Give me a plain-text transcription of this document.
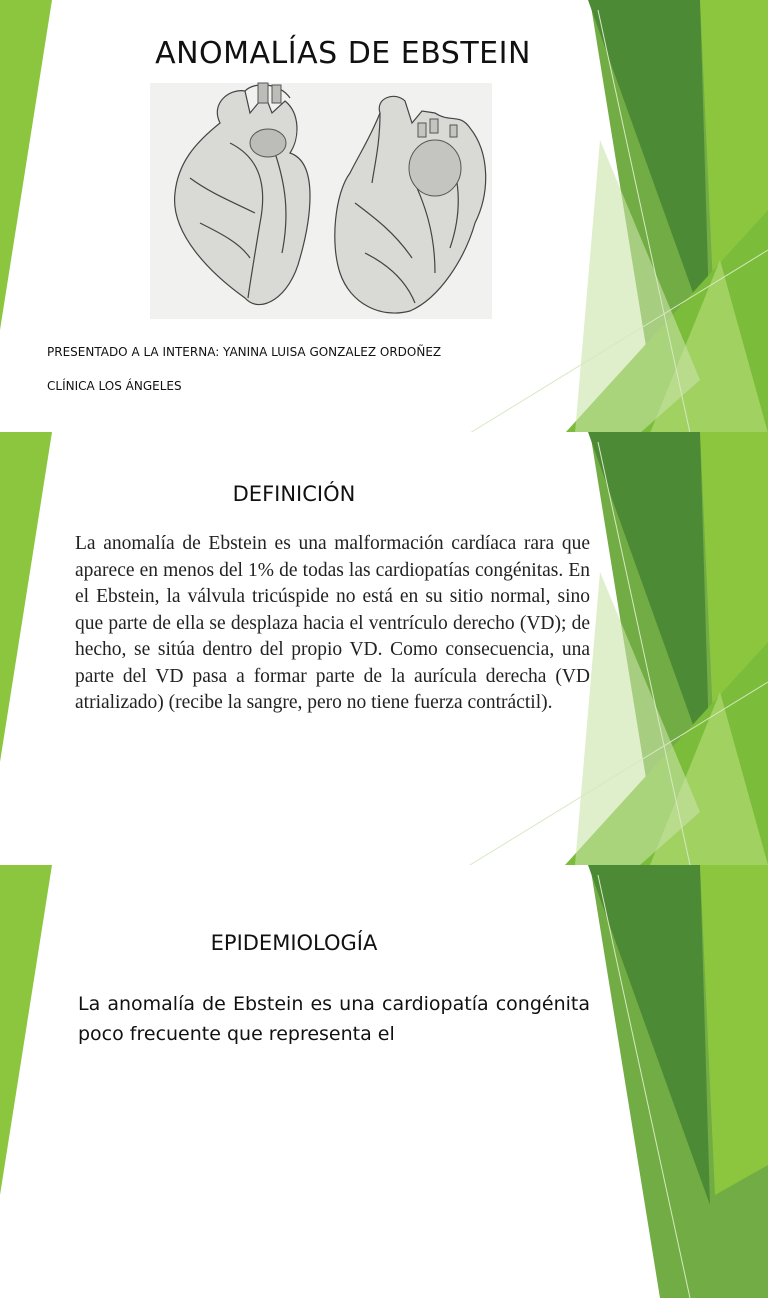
ANOMALÍAS DE EBSTEIN
PRESENTADO A LA INTERNA: YANINA LUISA GONZALEZ ORDOÑEZ
CLÍNICA LOS ÁNGELES
DEFINICIÓN

La anomalía de Ebstein es una malformación cardíaca rara que aparece en menos del 1% de todas las cardiopatías congénitas. En el Ebstein, la válvula tricúspide no está en su sitio normal, sino que parte de ella se desplaza hacia el ventrículo derecho (VD); de hecho, se sitúa dentro del propio VD. Como consecuencia, una parte del VD pasa a formar parte de la aurícula derecha (VD atrializado) (recibe la sangre, pero no tiene fuerza contráctil).

EPIDEMIOLOGÍA

La anomalía de Ebstein es una cardiopatía congénita poco frecuente que representa el
